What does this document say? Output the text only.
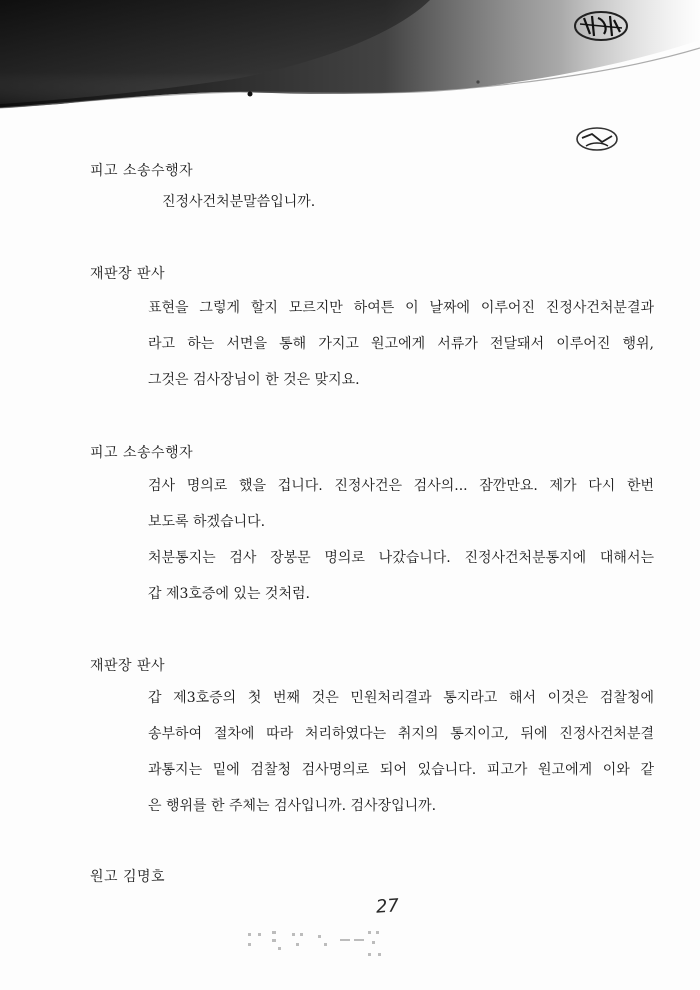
피고 소송수행자
진정사건처분말씀입니까.
재판장 판사
표현을 그렇게 할지 모르지만 하여튼 이 날짜에 이루어진 진정사건처분결과
라고 하는 서면을 통해 가지고 원고에게 서류가 전달돼서 이루어진 행위,
그것은 검사장님이 한 것은 맞지요.
피고 소송수행자
검사 명의로 했을 겁니다. 진정사건은 검사의... 잠깐만요. 제가 다시 한번
보도록 하겠습니다.
처분통지는 검사 장봉문 명의로 나갔습니다. 진정사건처분통지에 대해서는
갑 제3호증에 있는 것처럼.
재판장 판사
갑 제3호증의 첫 번째 것은 민원처리결과 통지라고 해서 이것은 검찰청에
송부하여 절차에 따라 처리하였다는 취지의 통지이고, 뒤에 진정사건처분결
과통지는 밑에 검찰청 검사명의로 되어 있습니다. 피고가 원고에게 이와 같
은 행위를 한 주체는 검사입니까. 검사장입니까.
원고 김명호
27
